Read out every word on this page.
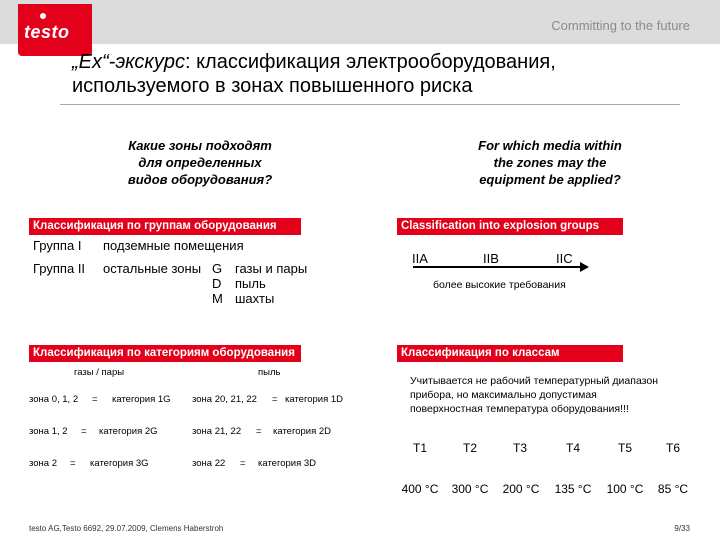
testo	Committing to the future
„Ex“-экскурс: классификация электрооборудования,
используемого в зонах повышенного риска
Какие зоны подходят
для определенных
видов оборудования?
For which media within
the zones may the
equipment be applied?
Классификация по группам оборудования
Группа I подземные помещения
Группа II остальные зоны G газы и пары
D пыль
M шахты
Classification into explosion groups
IIA	IIB	IIC
более высокие требования
Классификация по категориям оборудования
газы / пары	пыль
зона 0, 1, 2 = категория 1G зона 20, 21, 22 = категория 1D
зона 1, 2 = категория 2G	зона 21, 22 = категория 2D
зона 2 = категория 3G	зона 22 = категория 3D
Классификация по классам температуры
Учитывается не рабочий температурный диапазон
прибора, но максимально допустимая
поверхностная температура оборудования!!!
T1	T2	T3	T4	T5	T6
400 °C	300 °C	200 °C	135 °C	100 °C	85 °C
testo AG,Testo 6692, 29.07.2009, Clemens Haberstroh	9/33
